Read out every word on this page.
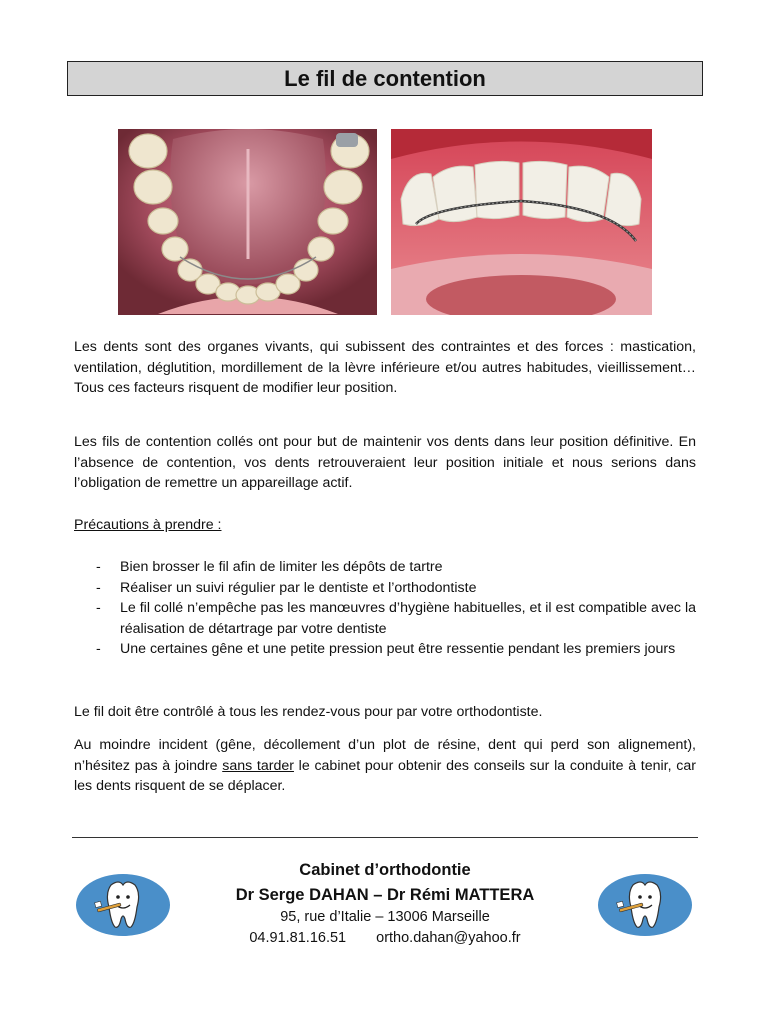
Le fil de contention

Les dents sont des organes vivants, qui subissent des contraintes et des forces : mastication, ventilation, déglutition, mordillement de la lèvre inférieure et/ou autres habitudes, vieillissement… Tous ces facteurs risquent de modifier leur position.

Les fils de contention collés ont pour but de maintenir vos dents dans leur position définitive. En l’absence de contention, vos dents retrouveraient leur position initiale et nous serions dans l’obligation de remettre un appareillage actif.

Précautions à prendre :

- Bien brosser le fil afin de limiter les dépôts de tartre
- Réaliser un suivi régulier par le dentiste et l’orthodontiste
- Le fil collé n’empêche pas les manœuvres d’hygiène habituelles, et il est compatible avec la réalisation de détartrage par votre dentiste
- Une certaines gêne et une petite pression peut être ressentie pendant les premiers jours

Le fil doit être contrôlé à tous les rendez-vous pour par votre orthodontiste.

Au moindre incident (gêne, décollement d’un plot de résine, dent qui perd son alignement), n’hésitez pas à joindre sans tarder le cabinet pour obtenir des conseils sur la conduite à tenir, car les dents risquent de se déplacer.

Cabinet d’orthodontie
Dr Serge DAHAN – Dr Rémi MATTERA
95, rue d’Italie – 13006 Marseille
04.91.81.16.51 ortho.dahan@yahoo.fr
